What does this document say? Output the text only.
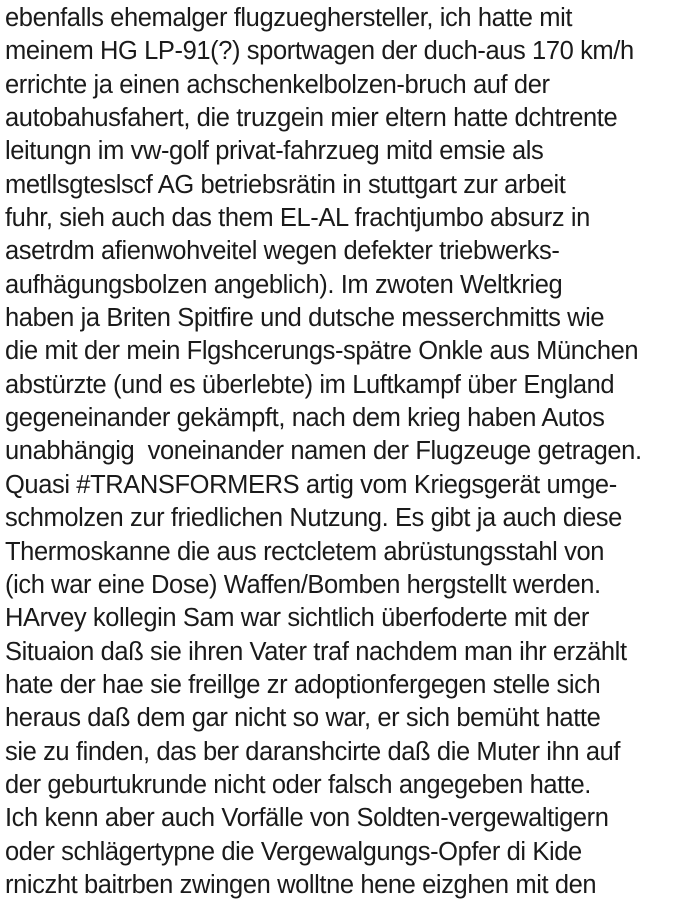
ebenfalls ehemalger flugzueghersteller, ich hatte mit
meinem HG LP-91(?) sportwagen der duch-aus 170 km/h
errichte ja einen achschenkelbolzen-bruch auf der
autobahusfahert, die truzgein mier eltern hatte dchtrente
leitungn im vw-golf privat-fahrzueg mitd emsie als
metllsgteslscf AG betriebsrätin in stuttgart zur arbeit
fuhr, sieh auch das them EL-AL frachtjumbo absurz in
asetrdm afienwohveitel wegen defekter triebwerks-
aufhägungsbolzen angeblich). Im zwoten Weltkrieg
haben ja Briten Spitfire und dutsche messerchmitts wie
die mit der mein Flgshcerungs-spätre Onkle aus München
abstürzte (und es überlebte) im Luftkampf über England
gegeneinander gekämpft, nach dem krieg haben Autos
unabhängig  voneinander namen der Flugzeuge getragen.
Quasi #TRANSFORMERS artig vom Kriegsgerät umge-
schmolzen zur friedlichen Nutzung. Es gibt ja auch diese
Thermoskanne die aus rectcletem abrüstungsstahl von
(ich war eine Dose) Waffen/Bomben hergstellt werden.
HArvey kollegin Sam war sichtlich überfoderte mit der
Situaion daß sie ihren Vater traf nachdem man ihr erzählt
hate der hae sie freillge zr adoptionfergegen stelle sich
heraus daß dem gar nicht so war, er sich bemüht hatte
sie zu finden, das ber daranshcirte daß die Muter ihn auf
der geburtukrunde nicht oder falsch angegeben hatte.
Ich kenn aber auch Vorfälle von Soldten-vergewaltigern
oder schlägertypne die Vergewalgungs-Opfer di Kide
rniczht baitrben zwingen wolltne hene eizghen mit den
